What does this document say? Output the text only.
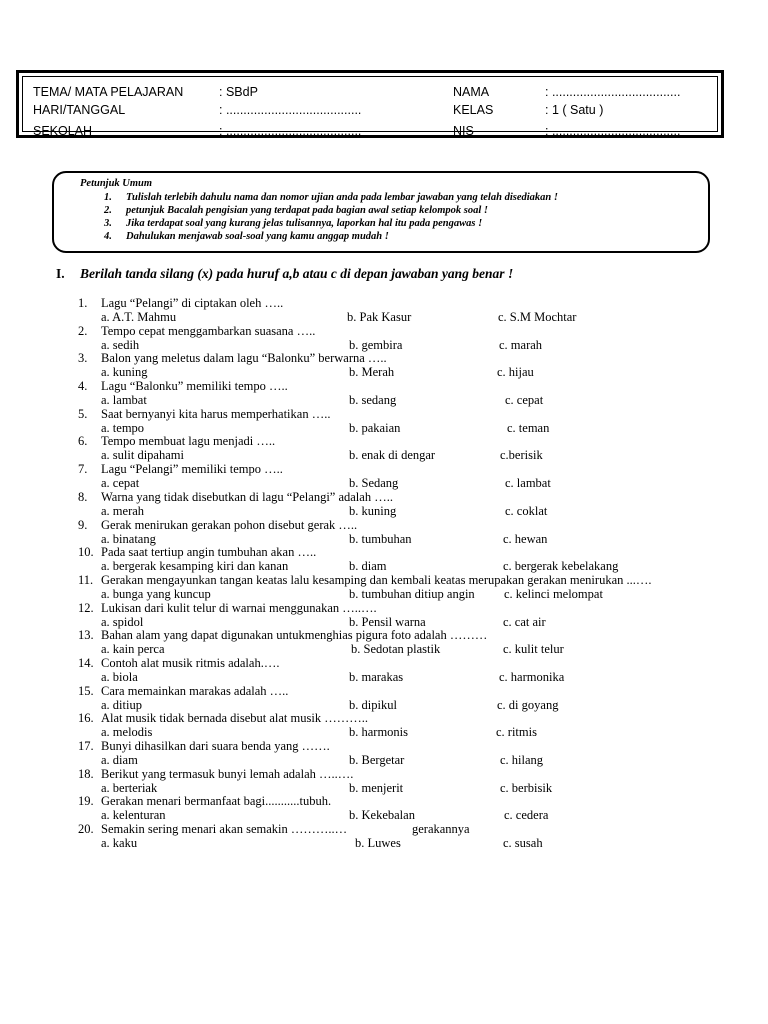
TEMA/ MATA PELAJARAN	: SBdP	NAMA	: .....................................
HARI/TANGGAL	: .......................................	KELAS	: 1 ( Satu )
SEKOLAH	: .......................................	NIS	: .....................................
Petunjuk Umum
1. Tulislah terlebih dahulu nama dan nomor ujian anda pada lembar jawaban yang telah disediakan !
2. petunjuk Bacalah pengisian yang terdapat pada bagian awal setiap kelompok soal !
3. Jika terdapat soal yang kurang jelas tulisannya, laporkan hal itu pada pengawas !
4. Dahulukan menjawab soal-soal yang kamu anggap mudah !
I. Berilah tanda silang (x) pada huruf a,b atau c di depan jawaban yang benar !
1. Lagu “Pelangi” di ciptakan oleh …..
a. A.T. Mahmu	b. Pak Kasur	c. S.M Mochtar
2. Tempo cepat menggambarkan suasana …..
a. sedih	b. gembira	c. marah
3. Balon yang meletus dalam lagu “Balonku” berwarna …..
a. kuning	b. Merah	c. hijau
4. Lagu “Balonku” memiliki tempo …..
a. lambat	b. sedang	c. cepat
5. Saat bernyanyi kita harus memperhatikan …..
a. tempo	b. pakaian	c. teman
6. Tempo membuat lagu menjadi …..
a. sulit dipahami	b. enak di dengar	c.berisik
7. Lagu “Pelangi” memiliki tempo …..
a. cepat	b. Sedang	c. lambat
8. Warna yang tidak disebutkan di lagu “Pelangi” adalah …..
a. merah	b. kuning	c. coklat
9. Gerak menirukan gerakan pohon disebut gerak …..
a. binatang	b. tumbuhan	c. hewan
10. Pada saat tertiup angin tumbuhan akan …..
a. bergerak kesamping kiri dan kanan	b. diam	c. bergerak kebelakang
11. Gerakan mengayunkan tangan keatas lalu kesamping dan kembali keatas merupakan gerakan menirukan ...….
a. bunga yang kuncup	b. tumbuhan ditiup angin c. kelinci melompat
12. Lukisan dari kulit telur di warnai menggunakan …..….
a. spidol	b. Pensil warna	c. cat air
13. Bahan alam yang dapat digunakan untukmenghias pigura foto adalah ………
a. kain perca	b. Sedotan plastik	c. kulit telur
14. Contoh alat musik ritmis adalah.….
a. biola	b. marakas	c. harmonika
15. Cara memainkan marakas adalah …..
a. ditiup	b. dipikul	c. di goyang
16. Alat musik tidak bernada disebut alat musik ………..
a. melodis	b. harmonis	c. ritmis
17. Bunyi dihasilkan dari suara benda yang …….
a. diam	b. Bergetar	c. hilang
18. Berikut yang termasuk bunyi lemah adalah …..….
a. berteriak	b. menjerit	c. berbisik
19. Gerakan menari bermanfaat bagi...........tubuh.
a. kelenturan	b. Kekebalan	c. cedera
20. Semakin sering menari akan semakin ………..…	gerakannya
a. kaku	b. Luwes	c. susah
